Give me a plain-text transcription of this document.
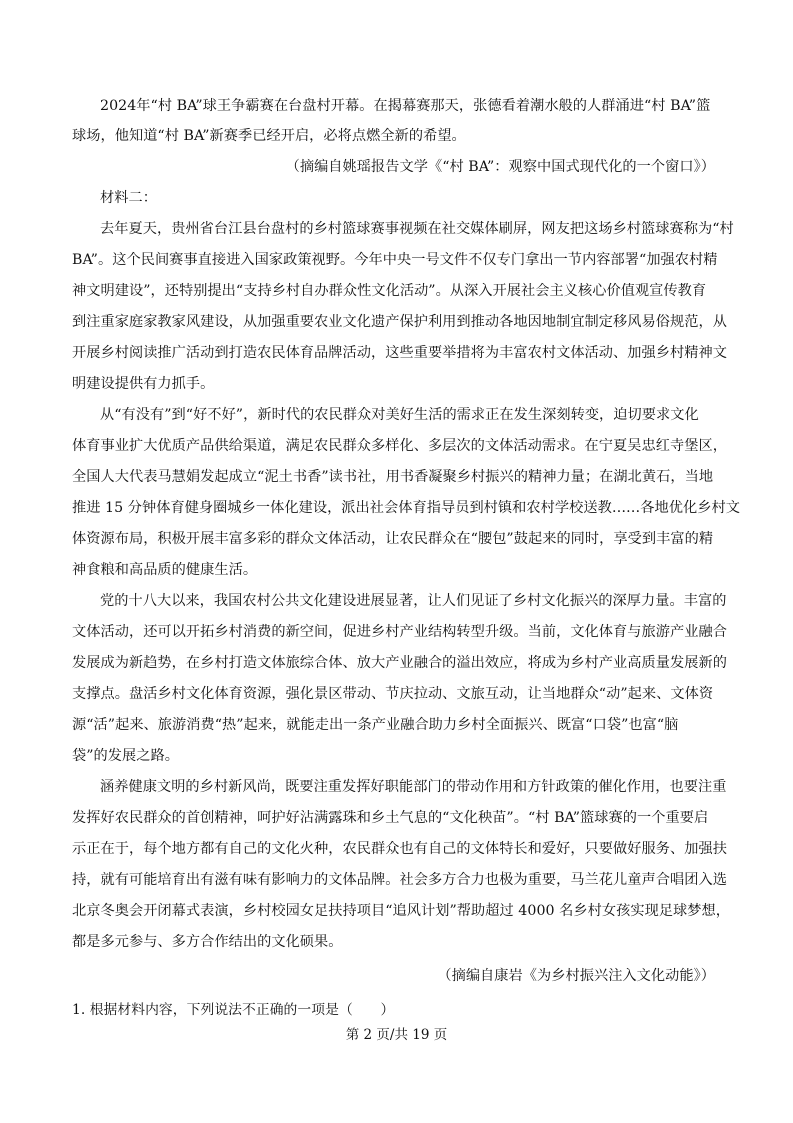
2024年“村 BA”球王争霸赛在台盘村开幕。在揭幕赛那天，张德看着潮水般的人群涌进“村 BA”篮
球场，他知道“村 BA”新赛季已经开启，必将点燃全新的希望。
（摘编自姚瑶报告文学《“村 BA”：观察中国式现代化的一个窗口》）
材料二：
去年夏天，贵州省台江县台盘村的乡村篮球赛事视频在社交媒体刷屏，网友把这场乡村篮球赛称为“村
BA”。这个民间赛事直接进入国家政策视野。今年中央一号文件不仅专门拿出一节内容部署“加强农村精
神文明建设”，还特别提出“支持乡村自办群众性文化活动”。从深入开展社会主义核心价值观宣传教育
到注重家庭家教家风建设，从加强重要农业文化遗产保护利用到推动各地因地制宜制定移风易俗规范，从
开展乡村阅读推广活动到打造农民体育品牌活动，这些重要举措将为丰富农村文体活动、加强乡村精神文
明建设提供有力抓手。
从“有没有”到“好不好”，新时代的农民群众对美好生活的需求正在发生深刻转变，迫切要求文化
体育事业扩大优质产品供给渠道，满足农民群众多样化、多层次的文体活动需求。在宁夏吴忠红寺堡区，
全国人大代表马慧娟发起成立“泥土书香”读书社，用书香凝聚乡村振兴的精神力量；在湖北黄石，当地
推进 15 分钟体育健身圈城乡一体化建设，派出社会体育指导员到村镇和农村学校送教……各地优化乡村文
体资源布局，积极开展丰富多彩的群众文体活动，让农民群众在“腰包”鼓起来的同时，享受到丰富的精
神食粮和高品质的健康生活。
党的十八大以来，我国农村公共文化建设进展显著，让人们见证了乡村文化振兴的深厚力量。丰富的
文体活动，还可以开拓乡村消费的新空间，促进乡村产业结构转型升级。当前，文化体育与旅游产业融合
发展成为新趋势，在乡村打造文体旅综合体、放大产业融合的溢出效应，将成为乡村产业高质量发展新的
支撑点。盘活乡村文化体育资源，强化景区带动、节庆拉动、文旅互动，让当地群众“动”起来、文体资
源“活”起来、旅游消费“热”起来，就能走出一条产业融合助力乡村全面振兴、既富“口袋”也富“脑
袋”的发展之路。
涵养健康文明的乡村新风尚，既要注重发挥好职能部门的带动作用和方针政策的催化作用，也要注重
发挥好农民群众的首创精神，呵护好沾满露珠和乡土气息的“文化秧苗”。“村 BA”篮球赛的一个重要启
示正在于，每个地方都有自己的文化火种，农民群众也有自己的文体特长和爱好，只要做好服务、加强扶
持，就有可能培育出有滋有味有影响力的文体品牌。社会多方合力也极为重要，马兰花儿童声合唱团入选
北京冬奥会开闭幕式表演，乡村校园女足扶持项目“追风计划”帮助超过 4000 名乡村女孩实现足球梦想，
都是多元参与、多方合作结出的文化硕果。
（摘编自康岩《为乡村振兴注入文化动能》）
1. 根据材料内容，下列说法不正确的一项是（　　）
第 2 页/共 19 页
